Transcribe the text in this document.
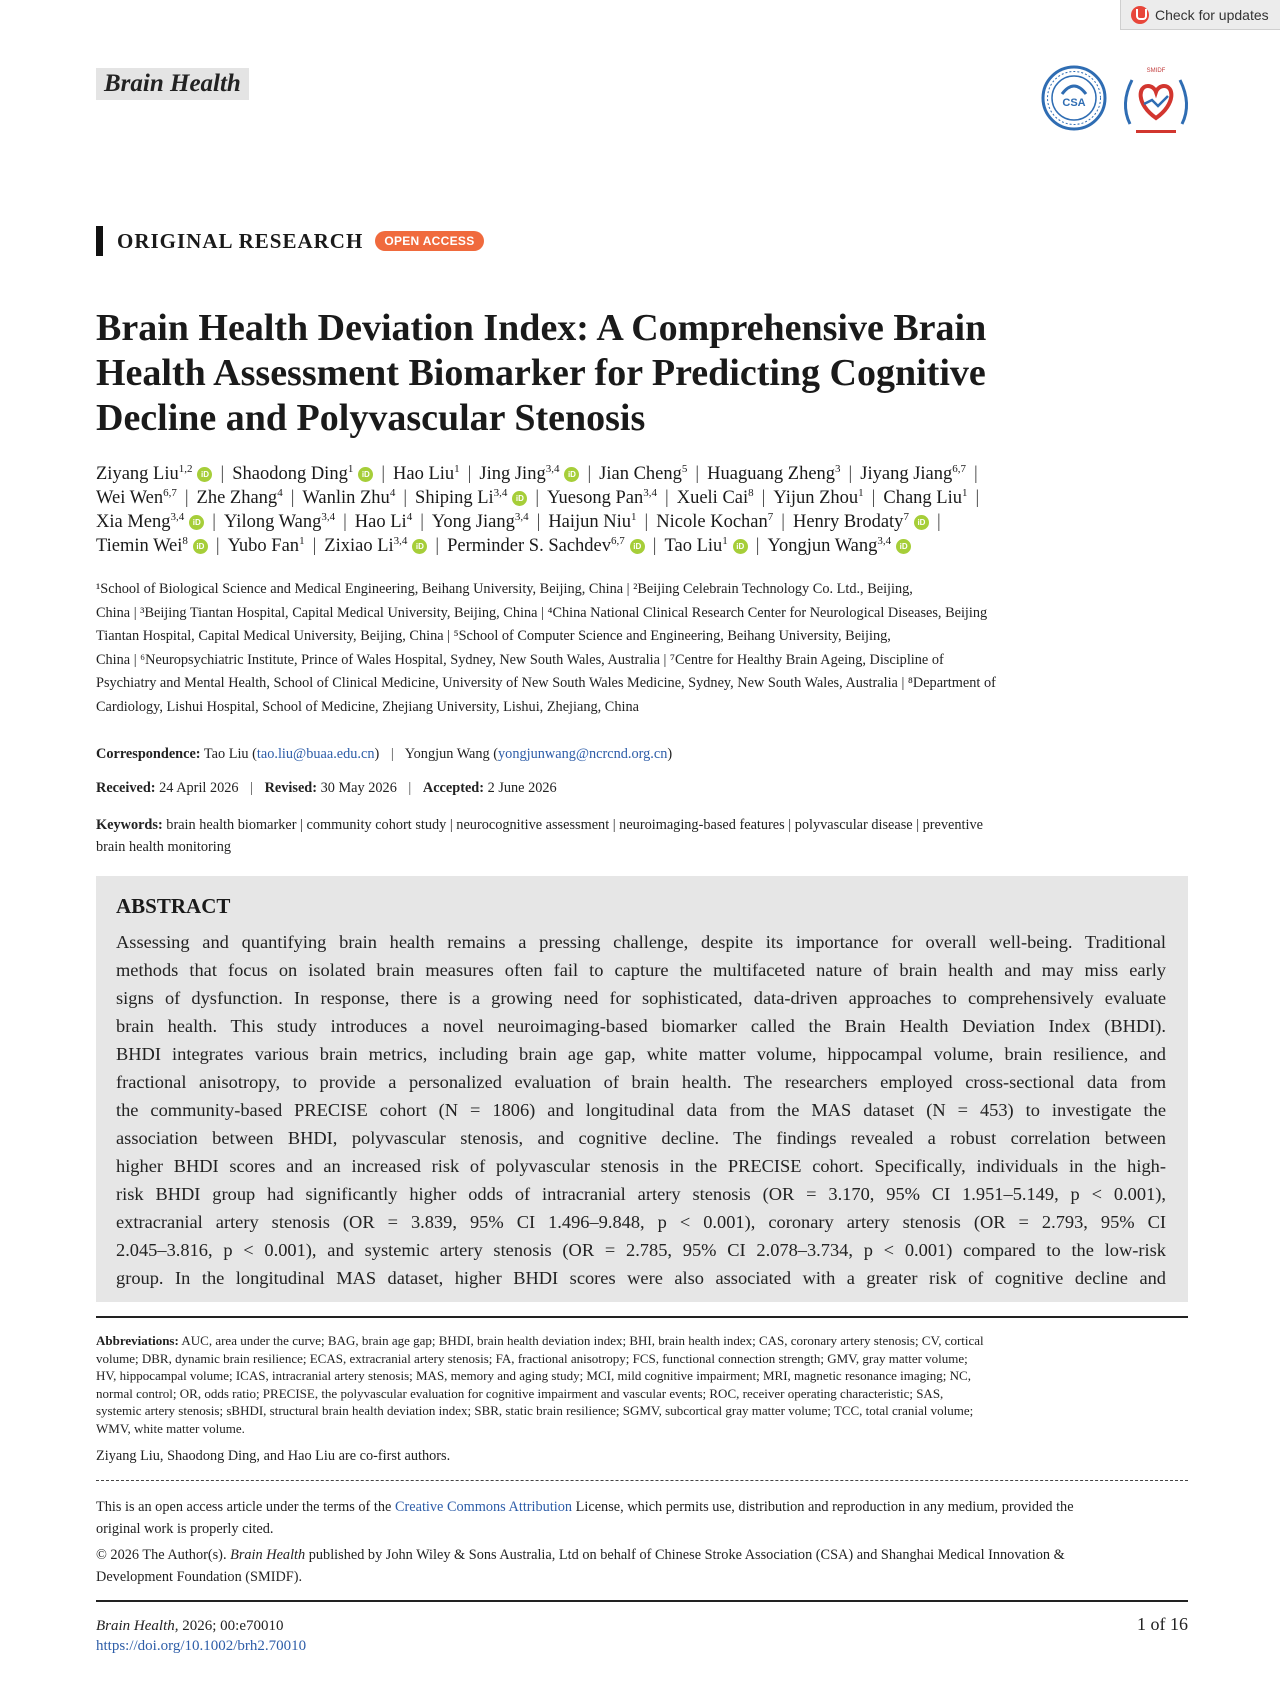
Check for updates
Brain Health
CSA
SMIDF
ORIGINAL RESEARCH	OPEN ACCESS
Brain Health Deviation Index: A Comprehensive Brain
Health Assessment Biomarker for Predicting Cognitive
Decline and Polyvascular Stenosis
Ziyang Liu$^{1,2}$ iD | Shaodong Ding$^1$ iD | Hao Liu$^1$ | Jing Jing$^{3,4}$ iD | Jian Cheng$^5$ | Huaguang Zheng$^3$ | Jiyang Jiang$^{6,7}$ |
Wei Wen$^{6,7}$ | Zhe Zhang$^4$ | Wanlin Zhu$^4$ | Shiping Li$^{3,4}$ iD | Yuesong Pan$^{3,4}$ | Xueli Cai$^8$ | Yijun Zhou$^1$ | Chang Liu$^1$ |
Xia Meng$^{3,4}$ iD | Yilong Wang$^{3,4}$ | Hao Li$^4$ | Yong Jiang$^{3,4}$ | Haijun Niu$^1$ | Nicole Kochan$^7$ | Henry Brodaty$^7$ iD |
Tiemin Wei$^8$ iD | Yubo Fan$^1$ | Zixiao Li$^{3,4}$ iD | Perminder S. Sachdev$^{6,7}$ iD | Tao Liu$^1$ iD | Yongjun Wang$^{3,4}$ iD
¹School of Biological Science and Medical Engineering, Beihang University, Beijing, China | ²Beijing Celebrain Technology Co. Ltd., Beijing,
China | ³Beijing Tiantan Hospital, Capital Medical University, Beijing, China | ⁴China National Clinical Research Center for Neurological Diseases, Beijing
Tiantan Hospital, Capital Medical University, Beijing, China | ⁵School of Computer Science and Engineering, Beihang University, Beijing,
China | ⁶Neuropsychiatric Institute, Prince of Wales Hospital, Sydney, New South Wales, Australia | ⁷Centre for Healthy Brain Ageing, Discipline of
Psychiatry and Mental Health, School of Clinical Medicine, University of New South Wales Medicine, Sydney, New South Wales, Australia | ⁸Department of
Cardiology, Lishui Hospital, School of Medicine, Zhejiang University, Lishui, Zhejiang, China
Correspondence: Tao Liu (tao.liu@buaa.edu.cn) | Yongjun Wang (yongjunwang@ncrcnd.org.cn)
Received: 24 April 2026 | Revised: 30 May 2026 | Accepted: 2 June 2026
Keywords: brain health biomarker | community cohort study | neurocognitive assessment | neuroimaging-based features | polyvascular disease | preventive
brain health monitoring
ABSTRACT
Assessing and quantifying brain health remains a pressing challenge, despite its importance for overall well-being. Traditional
methods that focus on isolated brain measures often fail to capture the multifaceted nature of brain health and may miss early
signs of dysfunction. In response, there is a growing need for sophisticated, data-driven approaches to comprehensively evaluate
brain health. This study introduces a novel neuroimaging-based biomarker called the Brain Health Deviation Index (BHDI).
BHDI integrates various brain metrics, including brain age gap, white matter volume, hippocampal volume, brain resilience, and
fractional anisotropy, to provide a personalized evaluation of brain health. The researchers employed cross-sectional data from
the community-based PRECISE cohort (N = 1806) and longitudinal data from the MAS dataset (N = 453) to investigate the
association between BHDI, polyvascular stenosis, and cognitive decline. The findings revealed a robust correlation between
higher BHDI scores and an increased risk of polyvascular stenosis in the PRECISE cohort. Specifically, individuals in the high-
risk BHDI group had significantly higher odds of intracranial artery stenosis (OR = 3.170, 95% CI 1.951–5.149, p < 0.001),
extracranial artery stenosis (OR = 3.839, 95% CI 1.496–9.848, p < 0.001), coronary artery stenosis (OR = 2.793, 95% CI
2.045–3.816, p < 0.001), and systemic artery stenosis (OR = 2.785, 95% CI 2.078–3.734, p < 0.001) compared to the low-risk
group. In the longitudinal MAS dataset, higher BHDI scores were also associated with a greater risk of cognitive decline and
Abbreviations: AUC, area under the curve; BAG, brain age gap; BHDI, brain health deviation index; BHI, brain health index; CAS, coronary artery stenosis; CV, cortical
volume; DBR, dynamic brain resilience; ECAS, extracranial artery stenosis; FA, fractional anisotropy; FCS, functional connection strength; GMV, gray matter volume;
HV, hippocampal volume; ICAS, intracranial artery stenosis; MAS, memory and aging study; MCI, mild cognitive impairment; MRI, magnetic resonance imaging; NC,
normal control; OR, odds ratio; PRECISE, the polyvascular evaluation for cognitive impairment and vascular events; ROC, receiver operating characteristic; SAS,
systemic artery stenosis; sBHDI, structural brain health deviation index; SBR, static brain resilience; SGMV, subcortical gray matter volume; TCC, total cranial volume;
WMV, white matter volume.
Ziyang Liu, Shaodong Ding, and Hao Liu are co-first authors.
This is an open access article under the terms of the Creative Commons Attribution License, which permits use, distribution and reproduction in any medium, provided the
original work is properly cited.
© 2026 The Author(s). Brain Health published by John Wiley & Sons Australia, Ltd on behalf of Chinese Stroke Association (CSA) and Shanghai Medical Innovation &
Development Foundation (SMIDF).
Brain Health, 2026; 00:e70010
https://doi.org/10.1002/brh2.70010
1 of 16
